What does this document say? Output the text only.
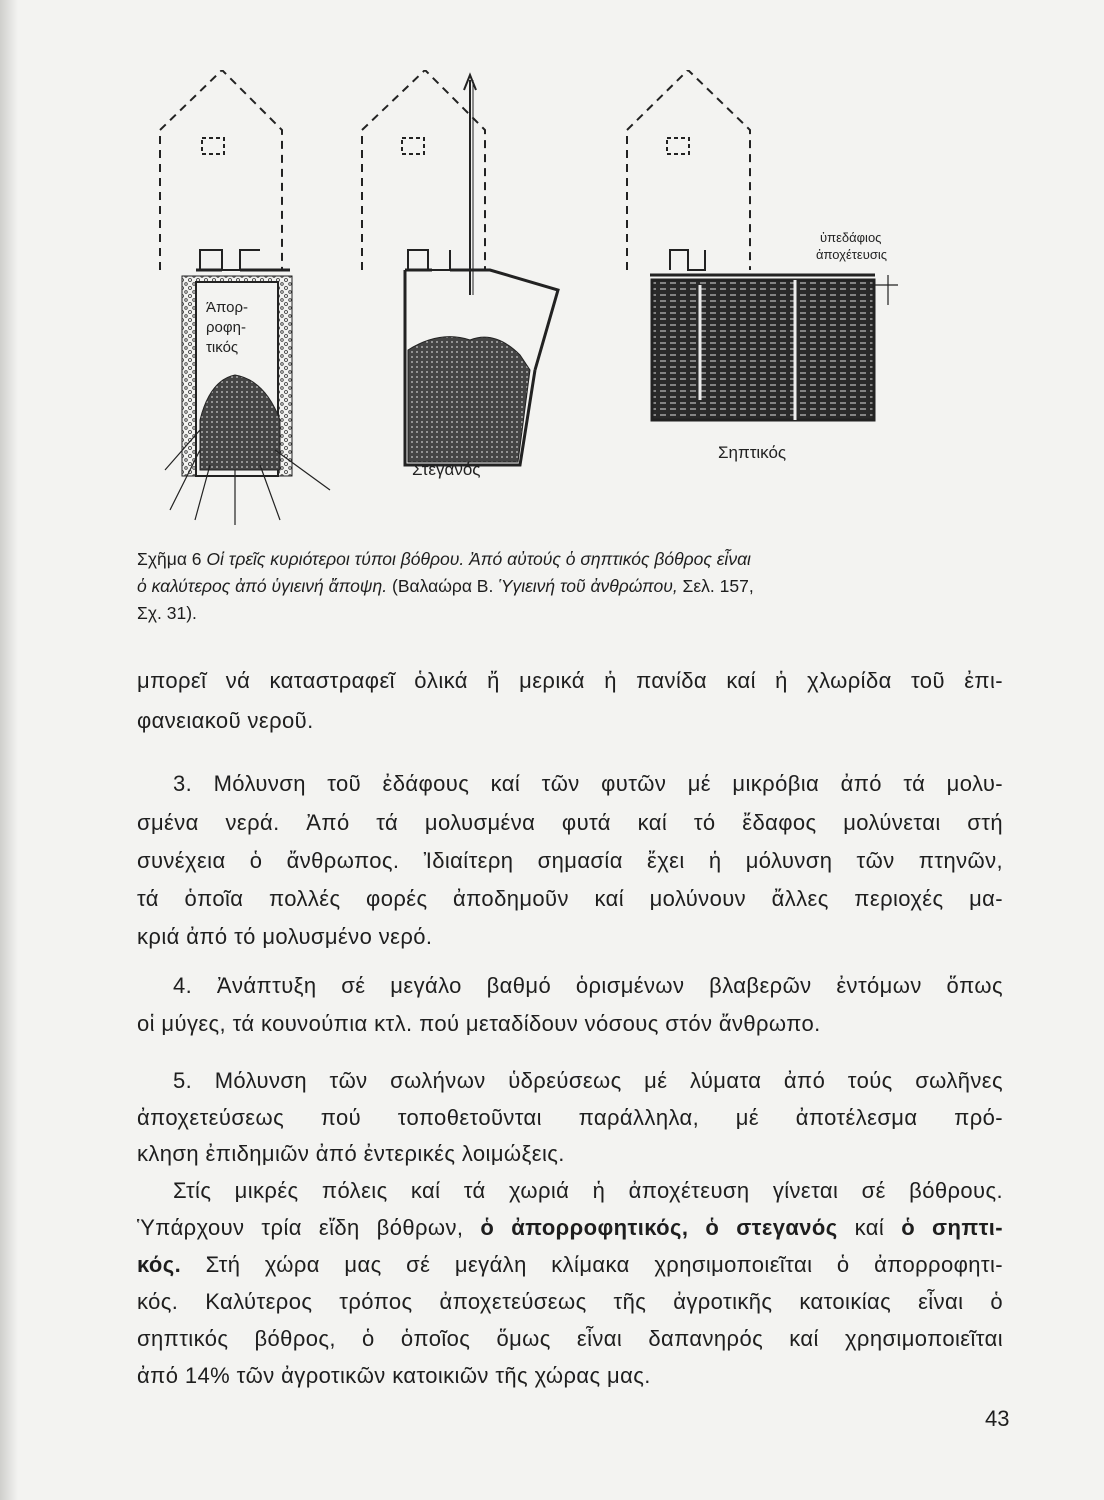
Άπορ-
ροφη-
τικός
Στεγανός
ὑπεδάφιος
ἀποχέτευσις
Σηπτικός
Σχῆμα 6 Οἱ τρεῖς κυριότεροι τύποι βόθρου. Ἀπό αὐτούς ὁ σηπτικός βόθρος εἶναι
ὁ καλύτερος ἀπό ὑγιεινή ἄποψη. (Βαλαώρα Β. Ὑγιεινή τοῦ ἀνθρώπου, Σελ. 157,
Σχ. 31).
μπορεῖ νά καταστραφεῖ ὁλικά ἤ μερικά ἡ πανίδα καί ἡ χλωρίδα τοῦ ἐπι-
φανειακοῦ νεροῦ.
3. Μόλυνση τοῦ ἐδάφους καί τῶν φυτῶν μέ μικρόβια ἀπό τά μολυ-
σμένα νερά. Ἀπό τά μολυσμένα φυτά καί τό ἔδαφος μολύνεται στή
συνέχεια ὁ ἄνθρωπος. Ἰδιαίτερη σημασία ἔχει ἡ μόλυνση τῶν πτηνῶν,
τά ὁποῖα πολλές φορές ἀποδημοῦν καί μολύνουν ἄλλες περιοχές μα-
κριά ἀπό τό μολυσμένο νερό.
4. Ἀνάπτυξη σέ μεγάλο βαθμό ὁρισμένων βλαβερῶν ἐντόμων ὅπως
οἱ μύγες, τά κουνούπια κτλ. πού μεταδίδουν νόσους στόν ἄνθρωπο.
5. Μόλυνση τῶν σωλήνων ὑδρεύσεως μέ λύματα ἀπό τούς σωλῆνες
ἀποχετεύσεως πού τοποθετοῦνται παράλληλα, μέ ἀποτέλεσμα πρό-
κληση ἐπιδημιῶν ἀπό ἐντερικές λοιμώξεις.
Στίς μικρές πόλεις καί τά χωριά ἡ ἀποχέτευση γίνεται σέ βόθρους.
Ὑπάρχουν τρία εἴδη βόθρων, ὁ ἀπορροφητικός, ὁ στεγανός καί ὁ σηπτι-
κός. Στή χώρα μας σέ μεγάλη κλίμακα χρησιμοποιεῖται ὁ ἀπορροφητι-
κός. Καλύτερος τρόπος ἀποχετεύσεως τῆς ἀγροτικῆς κατοικίας εἶναι ὁ
σηπτικός βόθρος, ὁ ὁποῖος ὅμως εἶναι δαπανηρός καί χρησιμοποιεῖται
ἀπό 14% τῶν ἀγροτικῶν κατοικιῶν τῆς χώρας μας.
43
